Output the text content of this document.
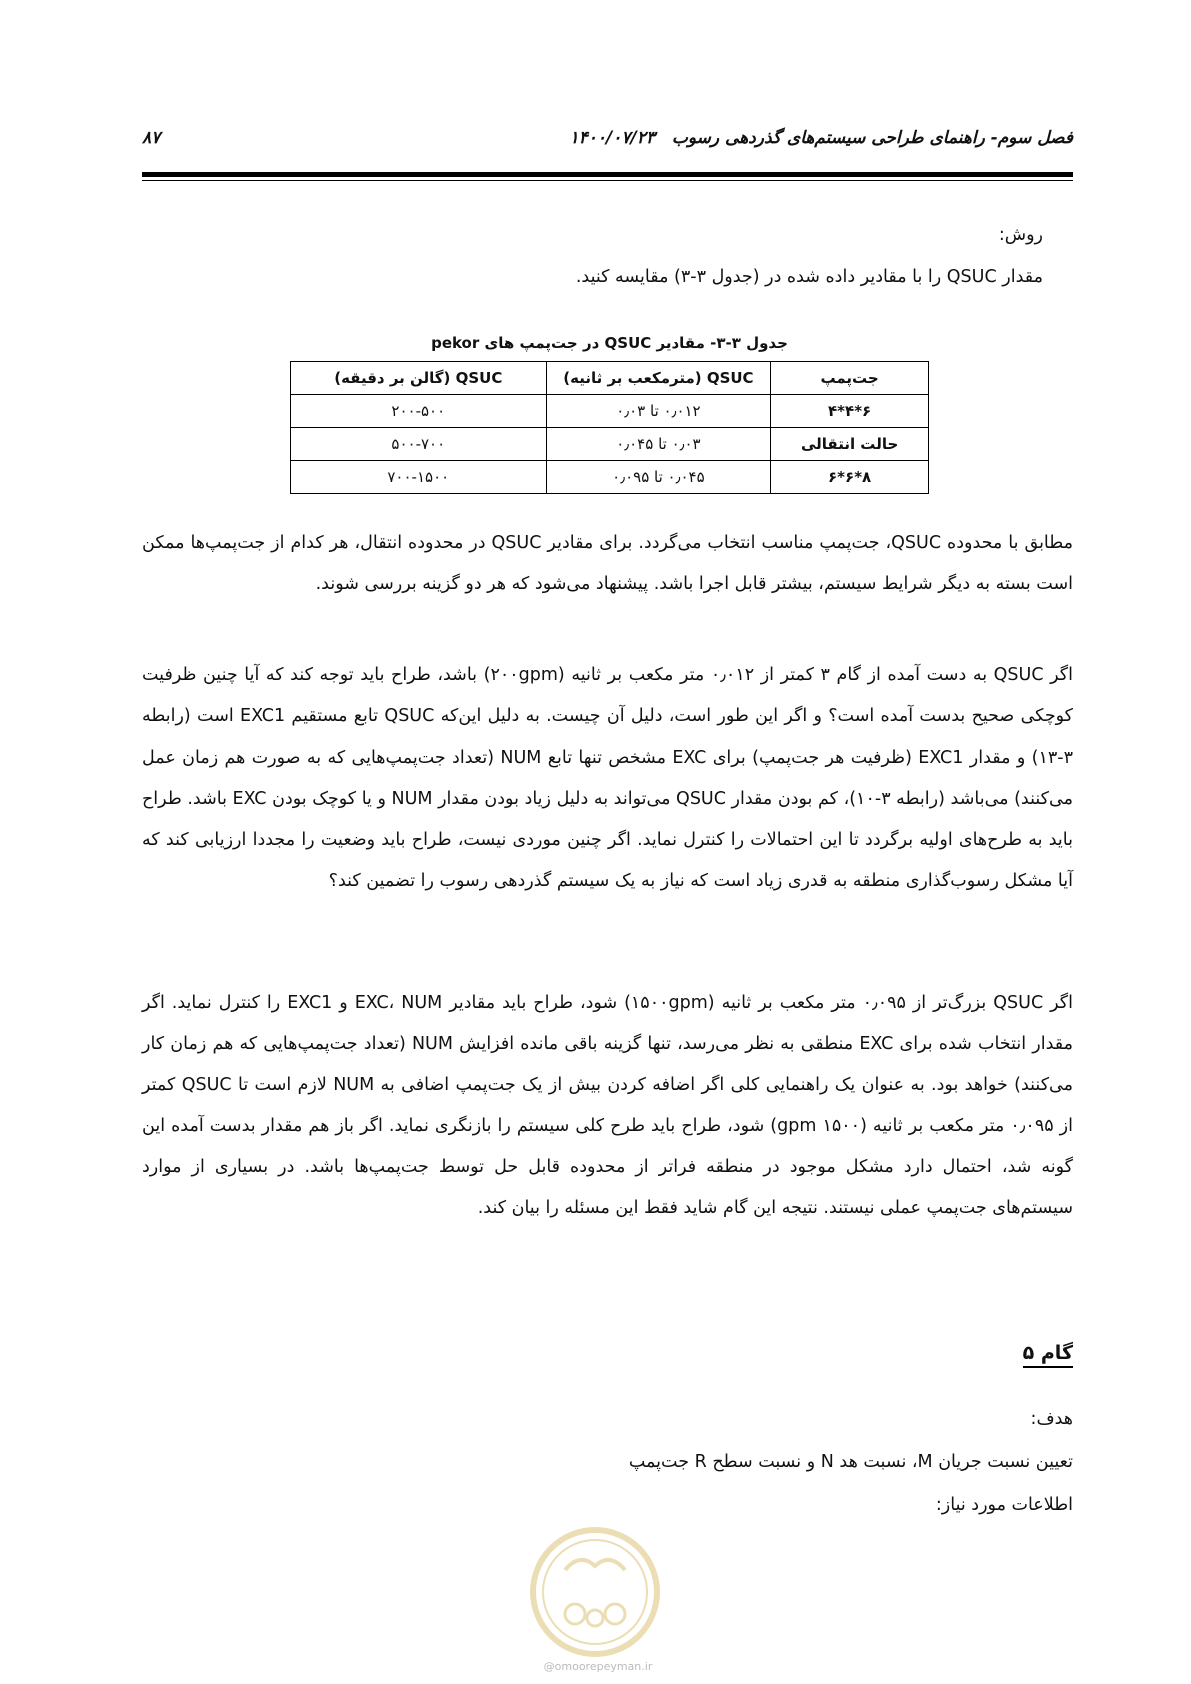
فصل سوم- راهنمای طراحی سیستم‌های گذردهی رسوب
۱۴۰۰/۰۷/۲۳
۸۷

روش:

مقدار QSUC را با مقادیر داده شده در (جدول ۳-۳) مقایسه کنید.

جدول ۳-۳- مقادیر QSUC در جت‌پمپ های pekor
جت‌پمپ	QSUC (مترمکعب بر ثانیه)	QSUC (گالن بر دقیقه)
۶*۴*۴	۰٫۰۱۲ تا ۰٫۰۳	۲۰۰-۵۰۰
حالت انتقالی	۰٫۰۳ تا ۰٫۰۴۵	۵۰۰-۷۰۰
۸*۶*۶	۰٫۰۴۵ تا ۰٫۰۹۵	۷۰۰-۱۵۰۰

مطابق با محدوده QSUC، جت‌پمپ مناسب انتخاب می‌گردد. برای مقادیر QSUC در محدوده انتقال، هر کدام از جت‌پمپ‌ها ممکن است بسته به دیگر شرایط سیستم، بیشتر قابل اجرا باشد. پیشنهاد می‌شود که هر دو گزینه بررسی شوند.

اگر QSUC به دست آمده از گام ۳ کمتر از ۰٫۰۱۲ متر مکعب بر ثانیه (۲۰۰gpm) باشد، طراح باید توجه کند که آیا چنین ظرفیت کوچکی صحیح بدست آمده است؟ و اگر این طور است، دلیل آن چیست. به دلیل این‌که QSUC تابع مستقیم EXC1 است (رابطه ۳-۱۳) و مقدار EXC1 (ظرفیت هر جت‌پمپ) برای EXC مشخص تنها تابع NUM (تعداد جت‌پمپ‌هایی که به صورت هم زمان عمل می‌کنند) می‌باشد (رابطه ۳-۱۰)، کم بودن مقدار QSUC می‌تواند به دلیل زیاد بودن مقدار NUM و یا کوچک بودن EXC باشد. طراح باید به طرح‌های اولیه برگردد تا این احتمالات را کنترل نماید. اگر چنین موردی نیست، طراح باید وضعیت را مجددا ارزیابی کند که آیا مشکل رسوب‌گذاری منطقه به قدری زیاد است که نیاز به یک سیستم گذردهی رسوب را تضمین کند؟

اگر QSUC بزرگ‌تر از ۰٫۰۹۵ متر مکعب بر ثانیه (۱۵۰۰gpm) شود، طراح باید مقادیر EXC، NUM و EXC1 را کنترل نماید. اگر مقدار انتخاب شده برای EXC منطقی به نظر می‌رسد، تنها گزینه باقی مانده افزایش NUM (تعداد جت‌پمپ‌هایی که هم زمان کار می‌کنند) خواهد بود. به عنوان یک راهنمایی کلی اگر اضافه کردن بیش از یک جت‌پمپ اضافی به NUM لازم است تا QSUC کمتر از ۰٫۰۹۵ متر مکعب بر ثانیه (۱۵۰۰ gpm) شود، طراح باید طرح کلی سیستم را بازنگری نماید. اگر باز هم مقدار بدست آمده این گونه شد، احتمال دارد مشکل موجود در منطقه فراتر از محدوده قابل حل توسط جت‌پمپ‌ها باشد. در بسیاری از موارد سیستم‌های جت‌پمپ عملی نیستند. نتیجه این گام شاید فقط این مسئله را بیان کند.

گام ۵

هدف:

تعیین نسبت جریان M، نسبت هد N و نسبت سطح R جت‌پمپ

اطلاعات مورد نیاز:

@omoorepeyman.ir
